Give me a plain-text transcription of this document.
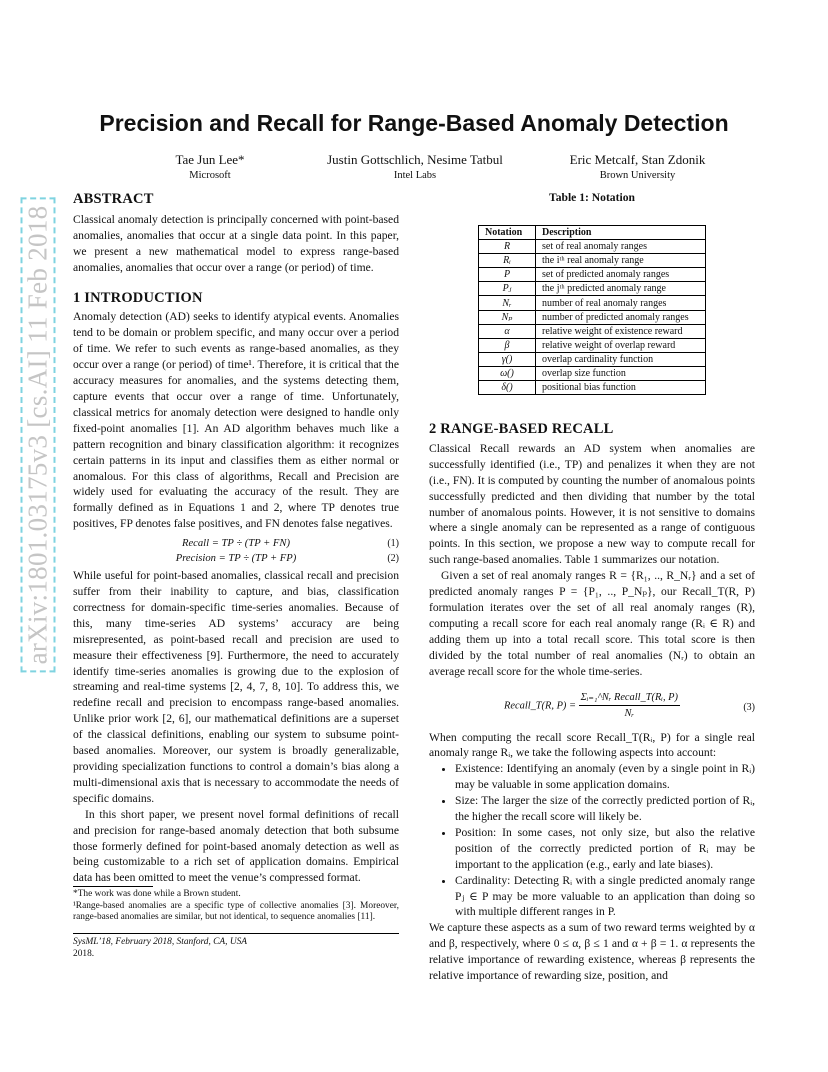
arXiv:1801.03175v3 [cs.AI] 11 Feb 2018
Precision and Recall for Range-Based Anomaly Detection
Tae Jun Lee*
Microsoft
Justin Gottschlich, Nesime Tatbul
Intel Labs
Eric Metcalf, Stan Zdonik
Brown University
ABSTRACT

Classical anomaly detection is principally concerned with point-based anomalies, anomalies that occur at a single data point. In this paper, we present a new mathematical model to express range-based anomalies, anomalies that occur over a range (or period) of time.

1 INTRODUCTION

Anomaly detection (AD) seeks to identify atypical events. Anomalies tend to be domain or problem specific, and many occur over a period of time. We refer to such events as range-based anomalies, as they occur over a range (or period) of time¹. Therefore, it is critical that the accuracy measures for anomalies, and the systems detecting them, capture events that occur over a range of time. Unfortunately, classical metrics for anomaly detection were designed to handle only fixed-point anomalies [1]. An AD algorithm behaves much like a pattern recognition and binary classification algorithm: it recognizes certain patterns in its input and classifies them as either normal or anomalous. For this class of algorithms, Recall and Precision are widely used for evaluating the accuracy of the result. They are formally defined as in Equations 1 and 2, where TP denotes true positives, FP denotes false positives, and FN denotes false negatives.

Recall = TP ÷ (TP + FN)	(1)
Precision = TP ÷ (TP + FP)	(2)

While useful for point-based anomalies, classical recall and precision suffer from their inability to capture, and bias, classification correctness for domain-specific time-series anomalies. Because of this, many time-series AD systems’ accuracy are being misrepresented, as point-based recall and precision are used to measure their effectiveness [9]. Furthermore, the need to accurately identify time-series anomalies is growing due to the explosion of streaming and real-time systems [2, 4, 7, 8, 10]. To address this, we redefine recall and precision to encompass range-based anomalies. Unlike prior work [2, 6], our mathematical definitions are a superset of the classical definitions, enabling our system to subsume point-based anomalies. Moreover, our system is broadly generalizable, providing specialization functions to control a domain’s bias along a multi-dimensional axis that is necessary to accommodate the needs of specific domains.

In this short paper, we present novel formal definitions of recall and precision for range-based anomaly detection that both subsume those formerly defined for point-based anomaly detection as well as being customizable to a rich set of application domains. Empirical data has been omitted to meet the venue’s compressed format.

*The work was done while a Brown student.
¹Range-based anomalies are a specific type of collective anomalies [3]. Moreover, range-based anomalies are similar, but not identical, to sequence anomalies [11].
SysML’18, February 2018, Stanford, CA, USA
2018.
Table 1: Notation
Notation	Description
R	set of real anomaly ranges
Rᵢ	the iᵗʰ real anomaly range
P	set of predicted anomaly ranges
Pⱼ	the jᵗʰ predicted anomaly range
Nᵣ	number of real anomaly ranges
Nₚ	number of predicted anomaly ranges
α	relative weight of existence reward
β	relative weight of overlap reward
γ()	overlap cardinality function
ω()	overlap size function
δ()	positional bias function
2 RANGE-BASED RECALL

Classical Recall rewards an AD system when anomalies are successfully identified (i.e., TP) and penalizes it when they are not (i.e., FN). It is computed by counting the number of anomalous points successfully predicted and then dividing that number by the total number of anomalous points. However, it is not sensitive to domains where a single anomaly can be represented as a range of contiguous points. In this section, we propose a new way to compute recall for such range-based anomalies. Table 1 summarizes our notation.

Given a set of real anomaly ranges R = {R₁, .., R_Nᵣ} and a set of predicted anomaly ranges P = {P₁, .., P_Nₚ}, our Recall_T(R, P) formulation iterates over the set of all real anomaly ranges (R), computing a recall score for each real anomaly range (Rᵢ ∈ R) and adding them up into a total recall score. This total score is then divided by the total number of real anomalies (Nᵣ) to obtain an average recall score for the whole time-series.

Recall_T(R, P) =
Σᵢ₌₁^Nᵣ Recall_T(Rᵢ, P)
Nᵣ
(3)

When computing the recall score Recall_T(Rᵢ, P) for a single real anomaly range Rᵢ, we take the following aspects into account:

• Existence: Identifying an anomaly (even by a single point in Rᵢ) may be valuable in some application domains.
• Size: The larger the size of the correctly predicted portion of Rᵢ, the higher the recall score will likely be.
• Position: In some cases, not only size, but also the relative position of the correctly predicted portion of Rᵢ may be important to the application (e.g., early and late biases).
• Cardinality: Detecting Rᵢ with a single predicted anomaly range Pⱼ ∈ P may be more valuable to an application than doing so with multiple different ranges in P.

We capture these aspects as a sum of two reward terms weighted by α and β, respectively, where 0 ≤ α, β ≤ 1 and α + β = 1. α represents the relative importance of rewarding existence, whereas β represents the relative importance of rewarding size, position, and
